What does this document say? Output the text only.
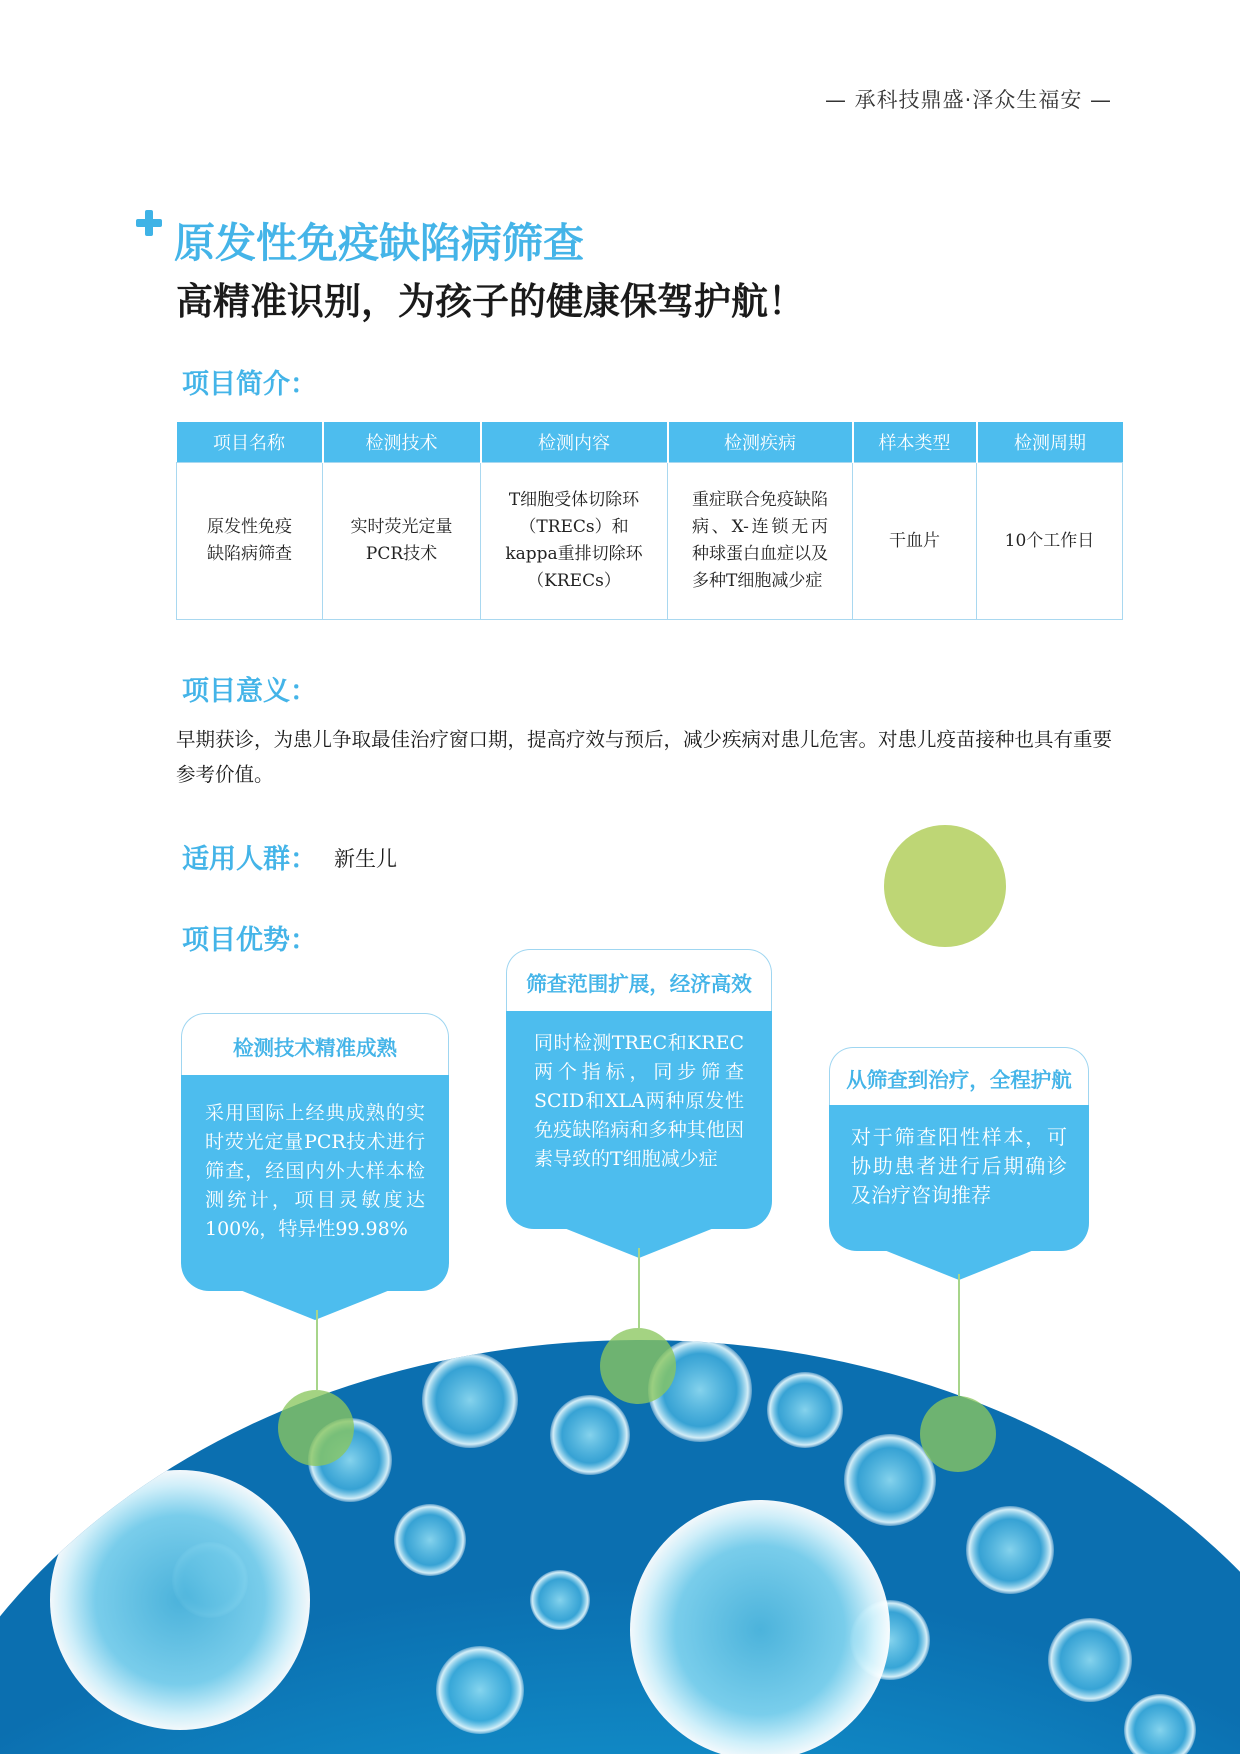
— 承科技鼎盛·泽众生福安 —
原发性免疫缺陷病筛查
高精准识别，为孩子的健康保驾护航！
项目简介：
项目名称	检测技术	检测内容	检测疾病	样本类型	检测周期
原发性免疫缺陷病筛查	实时荧光定量PCR技术	T细胞受体切除环（TRECs）和kappa重排切除环（KRECs）	重症联合免疫缺陷病、X-连锁无丙种球蛋白血症以及多种T细胞减少症	干血片	10个工作日
项目意义：
早期获诊，为患儿争取最佳治疗窗口期，提高疗效与预后，减少疾病对患儿危害。对患儿疫苗接种也具有重要参考价值。
适用人群： 新生儿
项目优势：
检测技术精准成熟
采用国际上经典成熟的实时荧光定量PCR技术进行筛查，经国内外大样本检测统计，项目灵敏度达100%，特异性99.98%
筛查范围扩展，经济高效
同时检测TREC和KREC两个指标，同步筛查SCID和XLA两种原发性免疫缺陷病和多种其他因素导致的T细胞减少症
从筛查到治疗，全程护航
对于筛查阳性样本，可协助患者进行后期确诊及治疗咨询推荐
